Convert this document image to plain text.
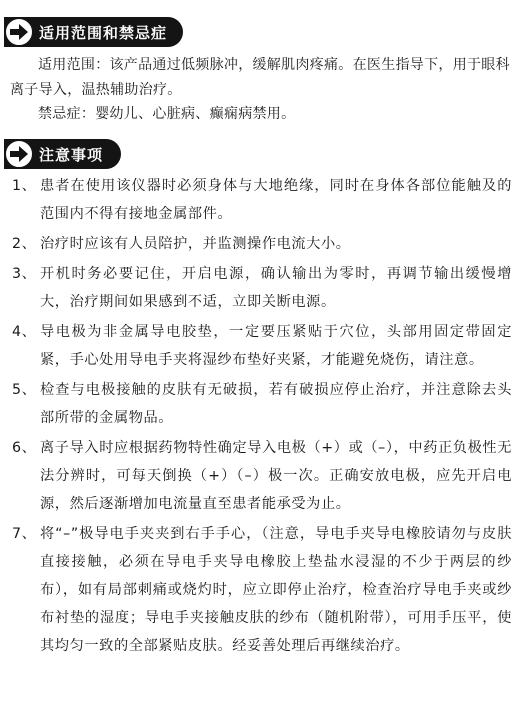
适用范围和禁忌症

适用范围：该产品通过低频脉冲，缓解肌肉疼痛。在医生指导下，用于眼科离子导入，温热辅助治疗。

禁忌症：婴幼儿、心脏病、癫痫病禁用。

注意事项
1、 患者在使用该仪器时必须身体与大地绝缘，同时在身体各部位能触及的范围内不得有接地金属部件。
2、 治疗时应该有人员陪护，并监测操作电流大小。
3、 开机时务必要记住，开启电源，确认输出为零时，再调节输出缓慢增大，治疗期间如果感到不适，立即关断电源。
4、 导电极为非金属导电胶垫，一定要压紧贴于穴位，头部用固定带固定紧，手心处用导电手夹将湿纱布垫好夹紧，才能避免烧伤，请注意。
5、 检查与电极接触的皮肤有无破损，若有破损应停止治疗，并注意除去头部所带的金属物品。
6、 离子导入时应根据药物特性确定导入电极（+）或（–），中药正负极性无法分辨时，可每天倒换（+）（–）极一次。正确安放电极，应先开启电源，然后逐渐增加电流量直至患者能承受为止。
7、 将“–”极导电手夹夹到右手手心，（注意，导电手夹导电橡胶请勿与皮肤直接接触，必须在导电手夹导电橡胶上垫盐水浸湿的不少于两层的纱布），如有局部刺痛或烧灼时，应立即停止治疗，检查治疗导电手夹或纱布衬垫的湿度；导电手夹接触皮肤的纱布（随机附带），可用手压平，使其均匀一致的全部紧贴皮肤。经妥善处理后再继续治疗。
